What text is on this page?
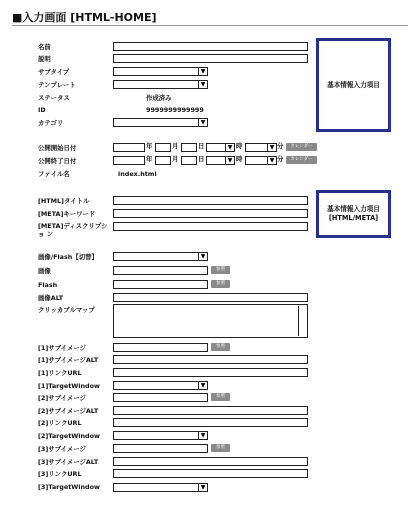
■入力画面 [HTML-HOME]
名前
説明
サブタイプ	▼
テンプレート	▼
ステータス	作成済み
ID	9999999999999
カテゴリ	▼
基本情報入力項目
公開開始日付	年	月	日	▼ 時	▼ 分	カレンダー
公開終了日付	年	月	日	▼ 時	▼ 分	カレンダー
ファイル名	index.html
[HTML]タイトル
[META]キーワード
[META]ディスクリプショ ン
基本情報入力項目
[HTML/META]
画像/Flash【切替】	▼
画像	参照
Flash	参照
画像ALT
クリッカブルマップ
[1]サブイメージ	参照
[1]サブイメージALT
[1]リンクURL
[1]TargetWindow	▼
[2]サブイメージ	参照
[2]サブイメージALT
[2]リンクURL
[2]TargetWindow	▼
[3]サブイメージ	参照
[3]サブイメージALT
[3]リンクURL
[3]TargetWindow	▼
